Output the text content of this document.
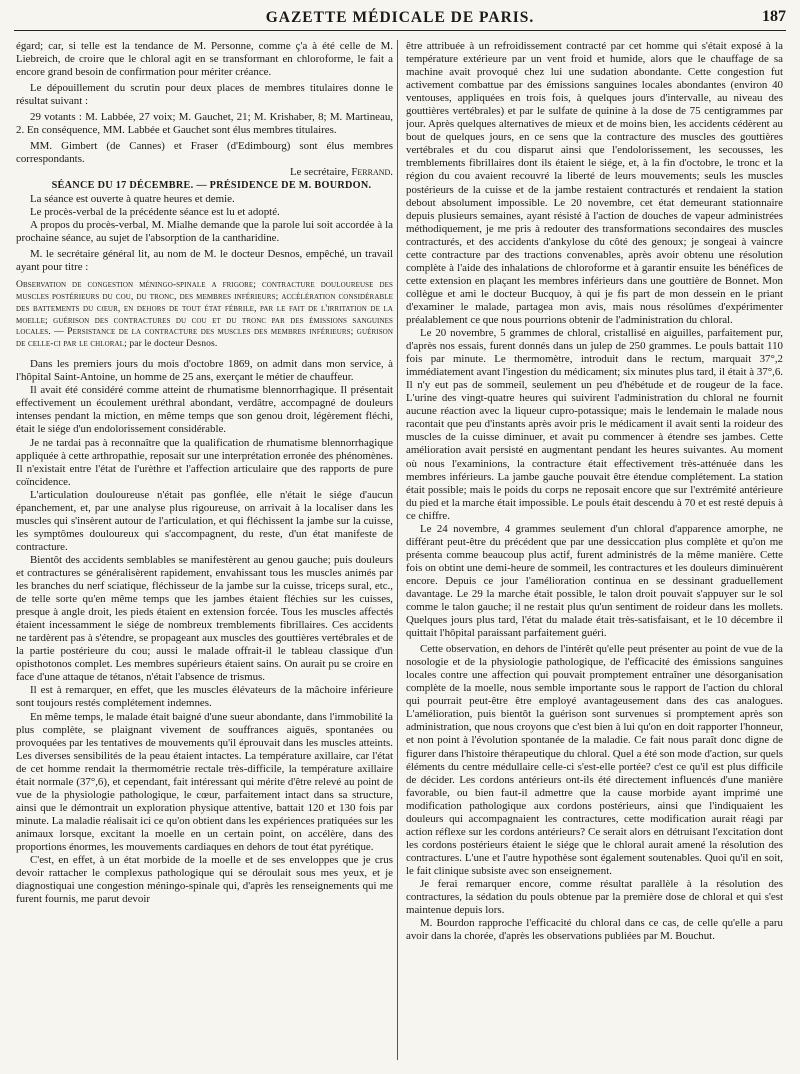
GAZETTE MÉDICALE DE PARIS.	187

égard; car, si telle est la tendance de M. Personne, comme ç'a à été celle de M. Liebreich, de croire que le chloral agit en se transformant en chloroforme, le fait a encore grand besoin de confirmation pour mériter créance.

Le dépouillement du scrutin pour deux places de membres titulaires donne le résultat suivant :

29 votants : M. Labbée, 27 voix; M. Gauchet, 21; M. Krishaber, 8; M. Martineau, 2. En conséquence, MM. Labbée et Gauchet sont élus membres titulaires.

MM. Gimbert (de Cannes) et Fraser (d'Edimbourg) sont élus membres correspondants.

Le secrétaire, Ferrand.

SÉANCE DU 17 DÉCEMBRE. — PRÉSIDENCE DE M. BOURDON.

La séance est ouverte à quatre heures et demie.

Le procès-verbal de la précédente séance est lu et adopté.

A propos du procès-verbal, M. Mialhe demande que la parole lui soit accordée à la prochaine séance, au sujet de l'absorption de la cantharidine.

M. le secrétaire général lit, au nom de M. le docteur Desnos, empêché, un travail ayant pour titre :

Observation de congestion méningo-spinale a frigore; contracture douloureuse des muscles postérieurs du cou, du tronc, des membres inférieurs; accélération considérable des battements du cœur, en dehors de tout état fébrile, par le fait de l'irritation de la moelle; guérison des contractures du cou et du tronc par des émissions sanguines locales. — Persistance de la contracture des muscles des membres inférieurs; guérison de celle-ci par le chloral; par le docteur Desnos.

Dans les premiers jours du mois d'octobre 1869, on admit dans mon service, à l'hôpital Saint-Antoine, un homme de 25 ans, exerçant le métier de chauffeur.

Il avait été considéré comme atteint de rhumatisme blennorrhagique. Il présentait effectivement un écoulement uréthral abondant, verdâtre, accompagné de douleurs intenses pendant la miction, en même temps que son genou droit, légèrement fléchi, était le siége d'un endolorissement considérable.

Je ne tardai pas à reconnaître que la qualification de rhumatisme blennorrhagique appliquée à cette arthropathie, reposait sur une interprétation erronée des phénomènes. Il n'existait entre l'état de l'urèthre et l'affection articulaire que des rapports de pure coïncidence.

L'articulation douloureuse n'était pas gonflée, elle n'était le siége d'aucun épanchement, et, par une analyse plus rigoureuse, on arrivait à la localiser dans les muscles qui s'insèrent autour de l'articulation, et qui fléchissent la jambe sur la cuisse, les symptômes douloureux qui s'accompagnent, du reste, d'un état manifeste de contracture.

Bientôt des accidents semblables se manifestèrent au genou gauche; puis douleurs et contractures se généralisèrent rapidement, envahissant tous les muscles animés par les branches du nerf sciatique, fléchisseur de la jambe sur la cuisse, triceps sural, etc., de telle sorte qu'en même temps que les jambes étaient fléchies sur les cuisses, presque à angle droit, les pieds étaient en extension forcée. Tous les muscles affectés étaient incessamment le siége de nombreux tremblements fibrillaires. Ces accidents ne tardèrent pas à s'étendre, se propageant aux muscles des gouttières vertébrales et de la partie postérieure du cou; aussi le malade offrait-il le tableau classique d'un opisthotonos complet. Les membres supérieurs étaient sains. On aurait pu se croire en face d'une attaque de tétanos, n'était l'absence de trismus.

Il est à remarquer, en effet, que les muscles élévateurs de la mâchoire inférieure sont toujours restés complétement indemnes.

En même temps, le malade était baigné d'une sueur abondante, dans l'immobilité la plus complète, se plaignant vivement de souffrances aiguës, spontanées ou provoquées par les tentatives de mouvements qu'il éprouvait dans les muscles atteints. Les diverses sensibilités de la peau étaient intactes. La température axillaire, car l'état de cet homme rendait la thermométrie rectale très-difficile, la température axillaire était normale (37°,6), et cependant, fait intéressant qui mérite d'être relevé au point de vue de la physiologie pathologique, le cœur, parfaitement intact dans sa structure, ainsi que le démontrait un exploration physique attentive, battait 120 et 130 fois par minute. La maladie réalisait ici ce qu'on obtient dans les expériences pratiquées sur les animaux lorsque, excitant la moelle en un certain point, on accélère, dans des proportions énormes, les mouvements cardiaques en dehors de tout état pyrétique.

C'est, en effet, à un état morbide de la moelle et de ses enveloppes que je crus devoir rattacher le complexus pathologique qui se déroulait sous mes yeux, et je diagnostiquai une congestion méningo-spinale qui, d'après les renseignements qui me furent fournis, me parut devoir

être attribuée à un refroidissement contracté par cet homme qui s'était exposé à la température extérieure par un vent froid et humide, alors que le chauffage de sa machine avait provoqué chez lui une sudation abondante. Cette congestion fut activement combattue par des émissions sanguines locales abondantes (environ 40 ventouses, appliquées en trois fois, à quelques jours d'intervalle, au niveau des gouttières vertébrales) et par le sulfate de quinine à la dose de 75 centigrammes par jour. Après quelques alternatives de mieux et de moins bien, les accidents cédèrent au bout de quelques jours, en ce sens que la contracture des muscles des gouttières vertébrales et du cou disparut ainsi que l'endolorissement, les secousses, les tremblements fibrillaires dont ils étaient le siége, et, à la fin d'octobre, le tronc et la région du cou avaient recouvré la liberté de leurs mouvements; seuls les muscles postérieurs de la cuisse et de la jambe restaient contracturés et rendaient la station debout absolument impossible. Le 20 novembre, cet état demeurant stationnaire depuis plusieurs semaines, ayant résisté à l'action de douches de vapeur administrées méthodiquement, je me pris à redouter des transformations secondaires des muscles contracturés, et des accidents d'ankylose du côté des genoux; je songeai à vaincre cette contracture par des tractions convenables, après avoir obtenu une résolution complète à l'aide des inhalations de chloroforme et à garantir ensuite les bénéfices de cette extension en plaçant les membres inférieurs dans une gouttière de Bonnet. Mon collègue et ami le docteur Bucquoy, à qui je fis part de mon dessein en le priant d'examiner le malade, partagea mon avis, mais nous résolûmes d'expérimenter préalablement ce que nous pourrions obtenir de l'administration du chloral.

Le 20 novembre, 5 grammes de chloral, cristallisé en aiguilles, parfaitement pur, d'après nos essais, furent donnés dans un julep de 250 grammes. Le pouls battait 110 fois par minute. Le thermomètre, introduit dans le rectum, marquait 37°,2 immédiatement avant l'ingestion du médicament; six minutes plus tard, il était à 37°,6. Il n'y eut pas de sommeil, seulement un peu d'hébétude et de rougeur de la face. L'urine des vingt-quatre heures qui suivirent l'administration du chloral ne fournit aucune réaction avec la liqueur cupro-potassique; mais le lendemain le malade nous racontait que peu d'instants après avoir pris le médicament il avait senti la roideur des muscles de la cuisse diminuer, et avait pu commencer à étendre ses jambes. Cette amélioration avait persisté en augmentant pendant les heures suivantes. Au moment où nous l'examinions, la contracture était effectivement très-atténuée dans les membres inférieurs. La jambe gauche pouvait être étendue complétement. La station était possible; mais le poids du corps ne reposait encore que sur l'extrémité antérieure du pied et la marche était impossible. Le pouls était descendu à 70 et est resté depuis à ce chiffre.

Le 24 novembre, 4 grammes seulement d'un chloral d'apparence amorphe, ne différant peut-être du précédent que par une dessiccation plus complète et qu'on me présenta comme beaucoup plus actif, furent administrés de la même manière. Cette fois on obtint une demi-heure de sommeil, les contractures et les douleurs diminuèrent encore. Depuis ce jour l'amélioration continua en se dessinant graduellement davantage. Le 29 la marche était possible, le talon droit pouvait s'appuyer sur le sol comme le talon gauche; il ne restait plus qu'un sentiment de roideur dans les mollets. Quelques jours plus tard, l'état du malade était très-satisfaisant, et le 10 décembre il quittait l'hôpital paraissant parfaitement guéri.

Cette observation, en dehors de l'intérêt qu'elle peut présenter au point de vue de la nosologie et de la physiologie pathologique, de l'efficacité des émissions sanguines locales contre une affection qui pouvait promptement entraîner une désorganisation complète de la moelle, nous semble importante sous le rapport de l'action du chloral qui pourrait peut-être être employé avantageusement dans des cas analogues. L'amélioration, puis bientôt la guérison sont survenues si promptement après son administration, que nous croyons que c'est bien à lui qu'on en doit rapporter l'honneur, et non point à l'évolution spontanée de la maladie. Ce fait nous paraît donc digne de figurer dans l'histoire thérapeutique du chloral. Quel a été son mode d'action, sur quels éléments du centre médullaire celle-ci s'est-elle portée? c'est ce qu'il est plus difficile de décider. Les cordons antérieurs ont-ils été directement influencés d'une manière favorable, ou bien faut-il admettre que la cause morbide ayant imprimé une modification pathologique aux cordons postérieurs, ainsi que l'indiquaient les douleurs qui accompagnaient les contractures, cette modification aurait réagi par action réflexe sur les cordons antérieurs? Ce serait alors en détruisant l'excitation dont les cordons postérieurs étaient le siége que le chloral aurait amené la résolution des contractures. L'une et l'autre hypothèse sont également soutenables. Quoi qu'il en soit, le fait clinique subsiste avec son enseignement.

Je ferai remarquer encore, comme résultat parallèle à la résolution des contractures, la sédation du pouls obtenue par la première dose de chloral et qui s'est maintenue depuis lors.

M. Bourdon rapproche l'efficacité du chloral dans ce cas, de celle qu'elle a paru avoir dans la chorée, d'après les observations publiées par M. Bouchut.
